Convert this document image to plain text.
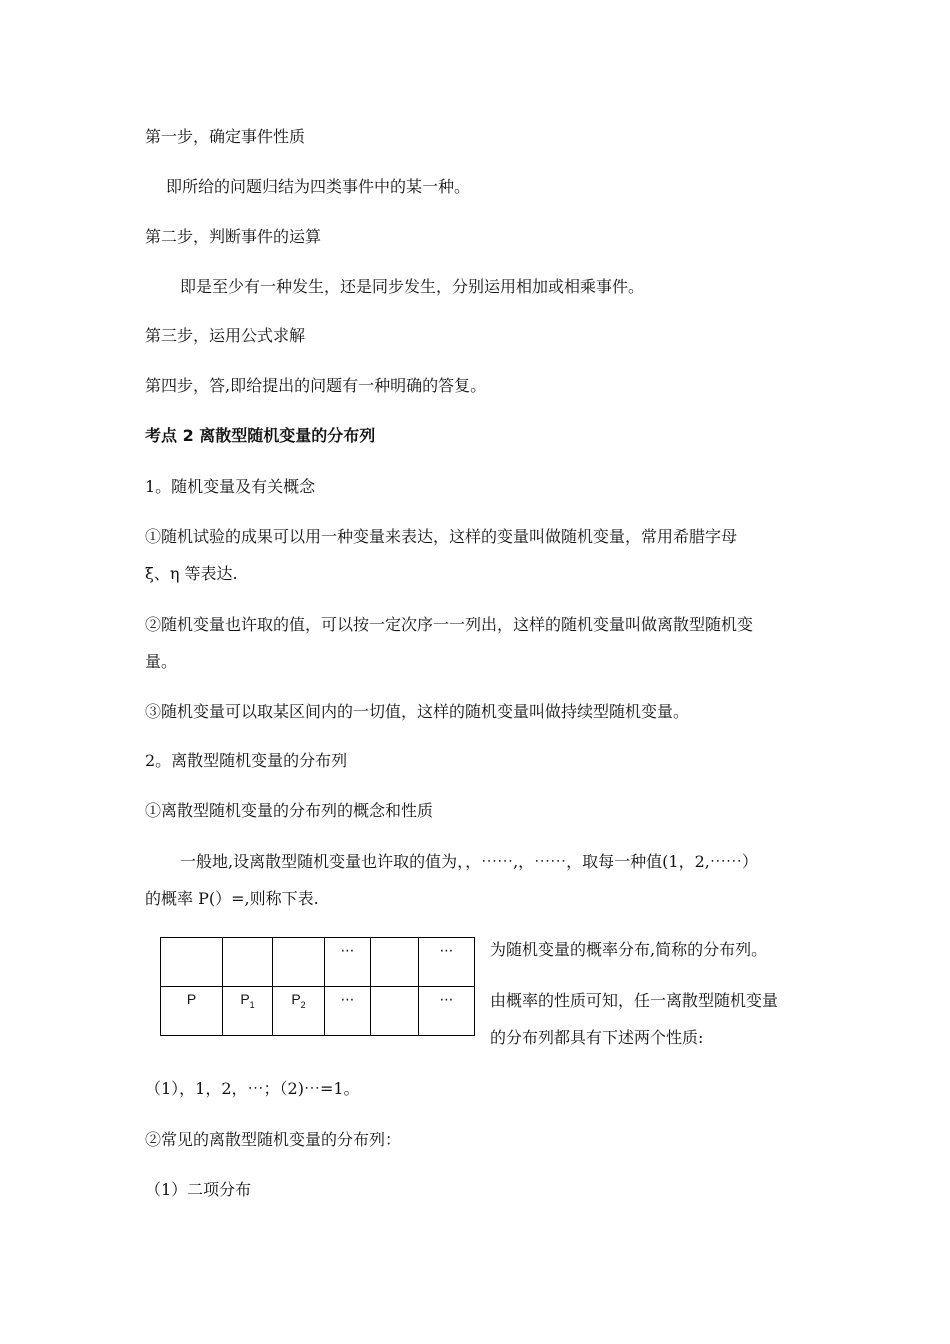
第一步，确定事件性质
即所给的问题归结为四类事件中的某一种。
第二步，判断事件的运算
即是至少有一种发生，还是同步发生，分别运用相加或相乘事件。
第三步，运用公式求解
第四步，答,即给提出的问题有一种明确的答复。
考点 2 离散型随机变量的分布列
1。随机变量及有关概念
①随机试验的成果可以用一种变量来表达，这样的变量叫做随机变量，常用希腊字母
ξ、η 等表达.
②随机变量也许取的值，可以按一定次序一一列出，这样的随机变量叫做离散型随机变
量。
③随机变量可以取某区间内的一切值，这样的随机变量叫做持续型随机变量。
2。离散型随机变量的分布列
①离散型随机变量的分布列的概念和性质
一般地,设离散型随机变量也许取的值为，，⋯⋯,，⋯⋯，取每一种值(1，2,⋯⋯）
的概率 P(）=,则称下表.
			⋯		⋯
P	$P_1$	$P_2$	⋯		⋯
为随机变量的概率分布,简称的分布列。
由概率的性质可知，任一离散型随机变量
的分布列都具有下述两个性质:
（1），1，2，⋯；（2)⋯=1。
②常见的离散型随机变量的分布列：
（1）二项分布
